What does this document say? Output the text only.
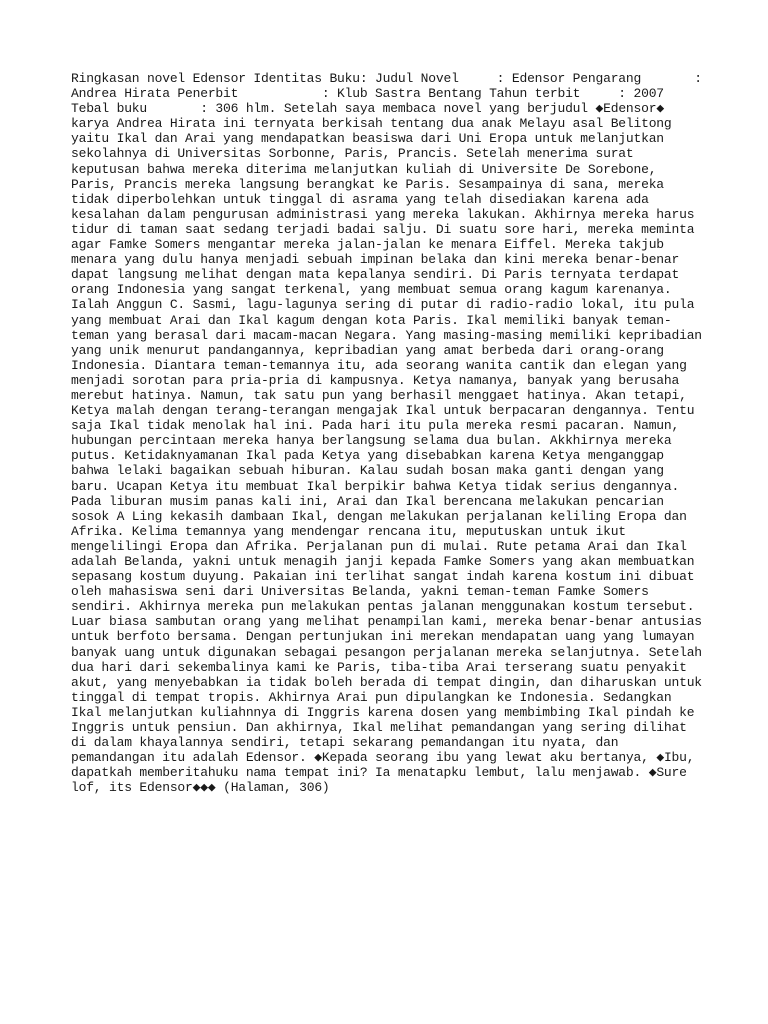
Ringkasan novel Edensor Identitas Buku: Judul Novel     : Edensor Pengarang       :
Andrea Hirata Penerbit           : Klub Sastra Bentang Tahun terbit     : 2007
Tebal buku       : 306 hlm. Setelah saya membaca novel yang berjudul ◆Edensor◆
karya Andrea Hirata ini ternyata berkisah tentang dua anak Melayu asal Belitong
yaitu Ikal dan Arai yang mendapatkan beasiswa dari Uni Eropa untuk melanjutkan
sekolahnya di Universitas Sorbonne, Paris, Prancis. Setelah menerima surat
keputusan bahwa mereka diterima melanjutkan kuliah di Universite De Sorebone,
Paris, Prancis mereka langsung berangkat ke Paris. Sesampainya di sana, mereka
tidak diperbolehkan untuk tinggal di asrama yang telah disediakan karena ada
kesalahan dalam pengurusan administrasi yang mereka lakukan. Akhirnya mereka harus
tidur di taman saat sedang terjadi badai salju. Di suatu sore hari, mereka meminta
agar Famke Somers mengantar mereka jalan-jalan ke menara Eiffel. Mereka takjub
menara yang dulu hanya menjadi sebuah impinan belaka dan kini mereka benar-benar
dapat langsung melihat dengan mata kepalanya sendiri. Di Paris ternyata terdapat
orang Indonesia yang sangat terkenal, yang membuat semua orang kagum karenanya.
Ialah Anggun C. Sasmi, lagu-lagunya sering di putar di radio-radio lokal, itu pula
yang membuat Arai dan Ikal kagum dengan kota Paris. Ikal memiliki banyak teman-
teman yang berasal dari macam-macan Negara. Yang masing-masing memiliki kepribadian
yang unik menurut pandangannya, kepribadian yang amat berbeda dari orang-orang
Indonesia. Diantara teman-temannya itu, ada seorang wanita cantik dan elegan yang
menjadi sorotan para pria-pria di kampusnya. Ketya namanya, banyak yang berusaha
merebut hatinya. Namun, tak satu pun yang berhasil menggaet hatinya. Akan tetapi,
Ketya malah dengan terang-terangan mengajak Ikal untuk berpacaran dengannya. Tentu
saja Ikal tidak menolak hal ini. Pada hari itu pula mereka resmi pacaran. Namun,
hubungan percintaan mereka hanya berlangsung selama dua bulan. Akkhirnya mereka
putus. Ketidaknyamanan Ikal pada Ketya yang disebabkan karena Ketya menganggap
bahwa lelaki bagaikan sebuah hiburan. Kalau sudah bosan maka ganti dengan yang
baru. Ucapan Ketya itu membuat Ikal berpikir bahwa Ketya tidak serius dengannya.
Pada liburan musim panas kali ini, Arai dan Ikal berencana melakukan pencarian
sosok A Ling kekasih dambaan Ikal, dengan melakukan perjalanan keliling Eropa dan
Afrika. Kelima temannya yang mendengar rencana itu, meputuskan untuk ikut
mengelilingi Eropa dan Afrika. Perjalanan pun di mulai. Rute petama Arai dan Ikal
adalah Belanda, yakni untuk menagih janji kepada Famke Somers yang akan membuatkan
sepasang kostum duyung. Pakaian ini terlihat sangat indah karena kostum ini dibuat
oleh mahasiswa seni dari Universitas Belanda, yakni teman-teman Famke Somers
sendiri. Akhirnya mereka pun melakukan pentas jalanan menggunakan kostum tersebut.
Luar biasa sambutan orang yang melihat penampilan kami, mereka benar-benar antusias
untuk berfoto bersama. Dengan pertunjukan ini merekan mendapatan uang yang lumayan
banyak uang untuk digunakan sebagai pesangon perjalanan mereka selanjutnya. Setelah
dua hari dari sekembalinya kami ke Paris, tiba-tiba Arai terserang suatu penyakit
akut, yang menyebabkan ia tidak boleh berada di tempat dingin, dan diharuskan untuk
tinggal di tempat tropis. Akhirnya Arai pun dipulangkan ke Indonesia. Sedangkan
Ikal melanjutkan kuliahnnya di Inggris karena dosen yang membimbing Ikal pindah ke
Inggris untuk pensiun. Dan akhirnya, Ikal melihat pemandangan yang sering dilihat
di dalam khayalannya sendiri, tetapi sekarang pemandangan itu nyata, dan
pemandangan itu adalah Edensor. ◆Kepada seorang ibu yang lewat aku bertanya, ◆Ibu,
dapatkah memberitahuku nama tempat ini? Ia menatapku lembut, lalu menjawab. ◆Sure
lof, its Edensor◆◆◆ (Halaman, 306)
